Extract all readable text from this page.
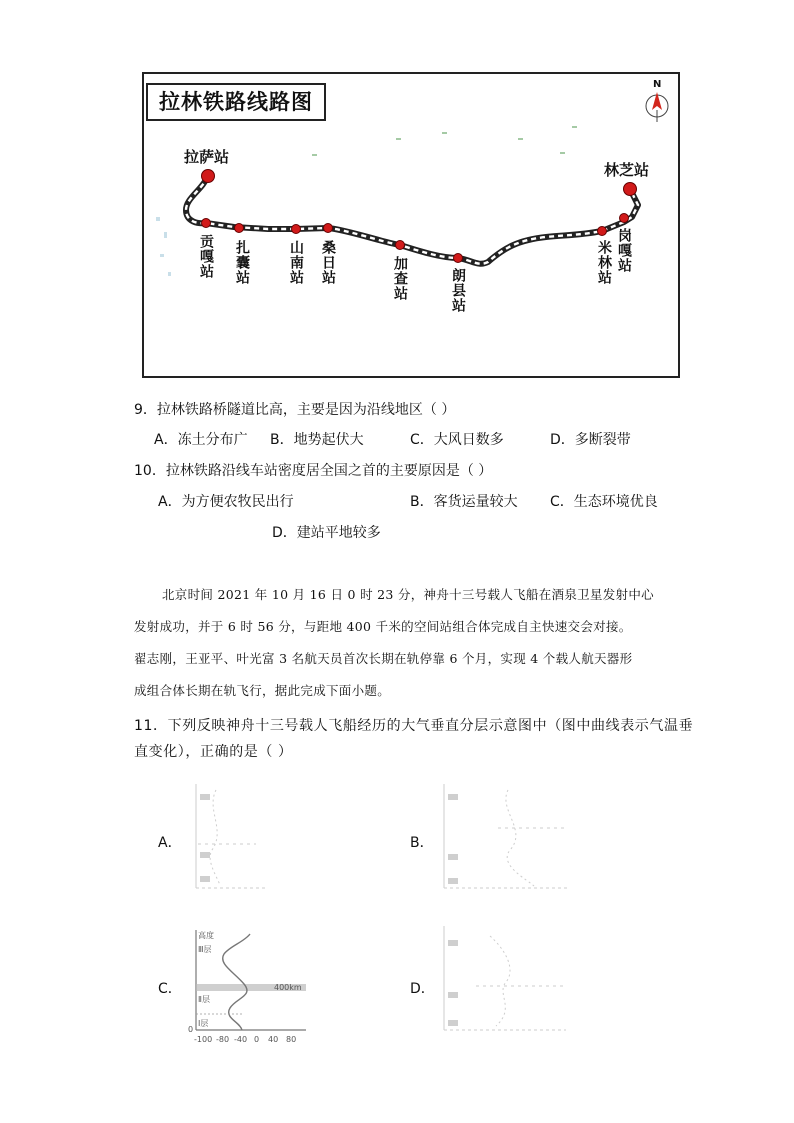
拉林铁路线路图
N
拉萨站
林芝站
贡嘎站 扎囊站	山南站 桑日站	加查站	朗县站
米林站 岗嘎站
9．拉林铁路桥隧道比高，主要是因为沿线地区（ ）
A．冻土分布广 B．地势起伏大	C．大风日数多	D．多断裂带
10．拉林铁路沿线车站密度居全国之首的主要原因是（ ）
A．为方便农牧民出行	B．客货运量较大 C．生态环境优良
D．建站平地较多
北京时间 2021 年 10 月 16 日 0 时 23 分，神舟十三号载人飞船在酒泉卫星发射中心
发射成功，并于 6 时 56 分，与距地 400 千米的空间站组合体完成自主快速交会对接。
翟志刚，王亚平、叶光富 3 名航天员首次长期在轨停靠 6 个月，实现 4 个载人航天器形
成组合体长期在轨飞行，据此完成下面小题。
11．下列反映神舟十三号载人飞船经历的大气垂直分层示意图中（图中曲线表示气温垂
直变化），正确的是（ ）
A．	B．
C．	D．
高度
Ⅲ层
Ⅱ层
Ⅰ层
400km
0
-100 -80 -40 0 40 80
